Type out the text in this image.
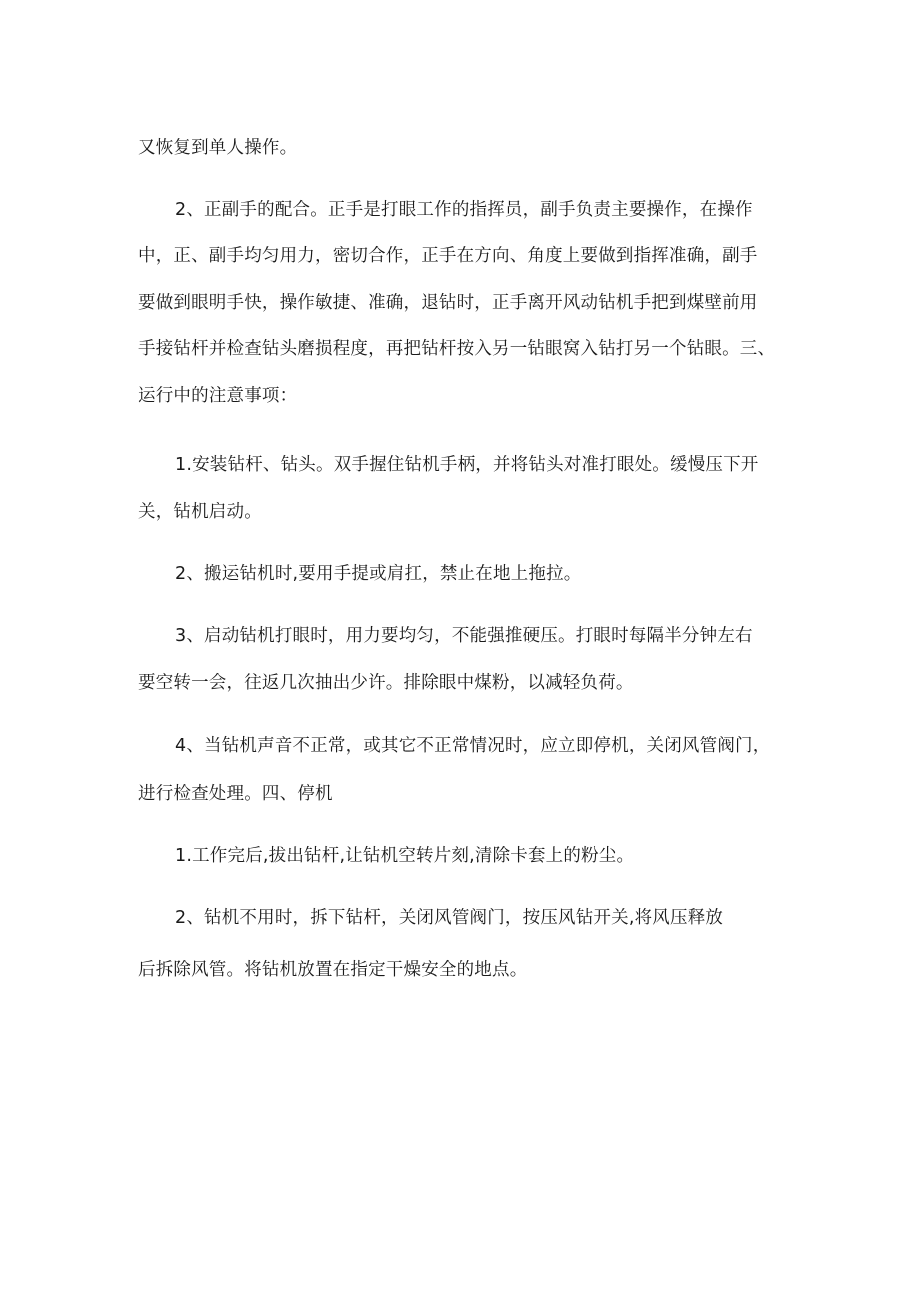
又恢复到单人操作。
2、正副手的配合。正手是打眼工作的指挥员，副手负责主要操作，在操作
中，正、副手均匀用力，密切合作，正手在方向、角度上要做到指挥准确，副手
要做到眼明手快，操作敏捷、准确，退钻时，正手离开风动钻机手把到煤壁前用
手接钻杆并检查钻头磨损程度，再把钻杆按入另一钻眼窝入钻打另一个钻眼。三、
运行中的注意事项：
1.安装钻杆、钻头。双手握住钻机手柄，并将钻头对准打眼处。缓慢压下开
关，钻机启动。
2、搬运钻机时,要用手提或肩扛，禁止在地上拖拉。
3、启动钻机打眼时，用力要均匀，不能强推硬压。打眼时每隔半分钟左右
要空转一会，往返几次抽出少许。排除眼中煤粉，以减轻负荷。
4、当钻机声音不正常，或其它不正常情况时，应立即停机，关闭风管阀门，
进行检查处理。四、停机
1.工作完后,拔出钻杆,让钻机空转片刻,清除卡套上的粉尘。
2、钻机不用时，拆下钻杆，关闭风管阀门，按压风钻开关,将风压释放
后拆除风管。将钻机放置在指定干燥安全的地点。
